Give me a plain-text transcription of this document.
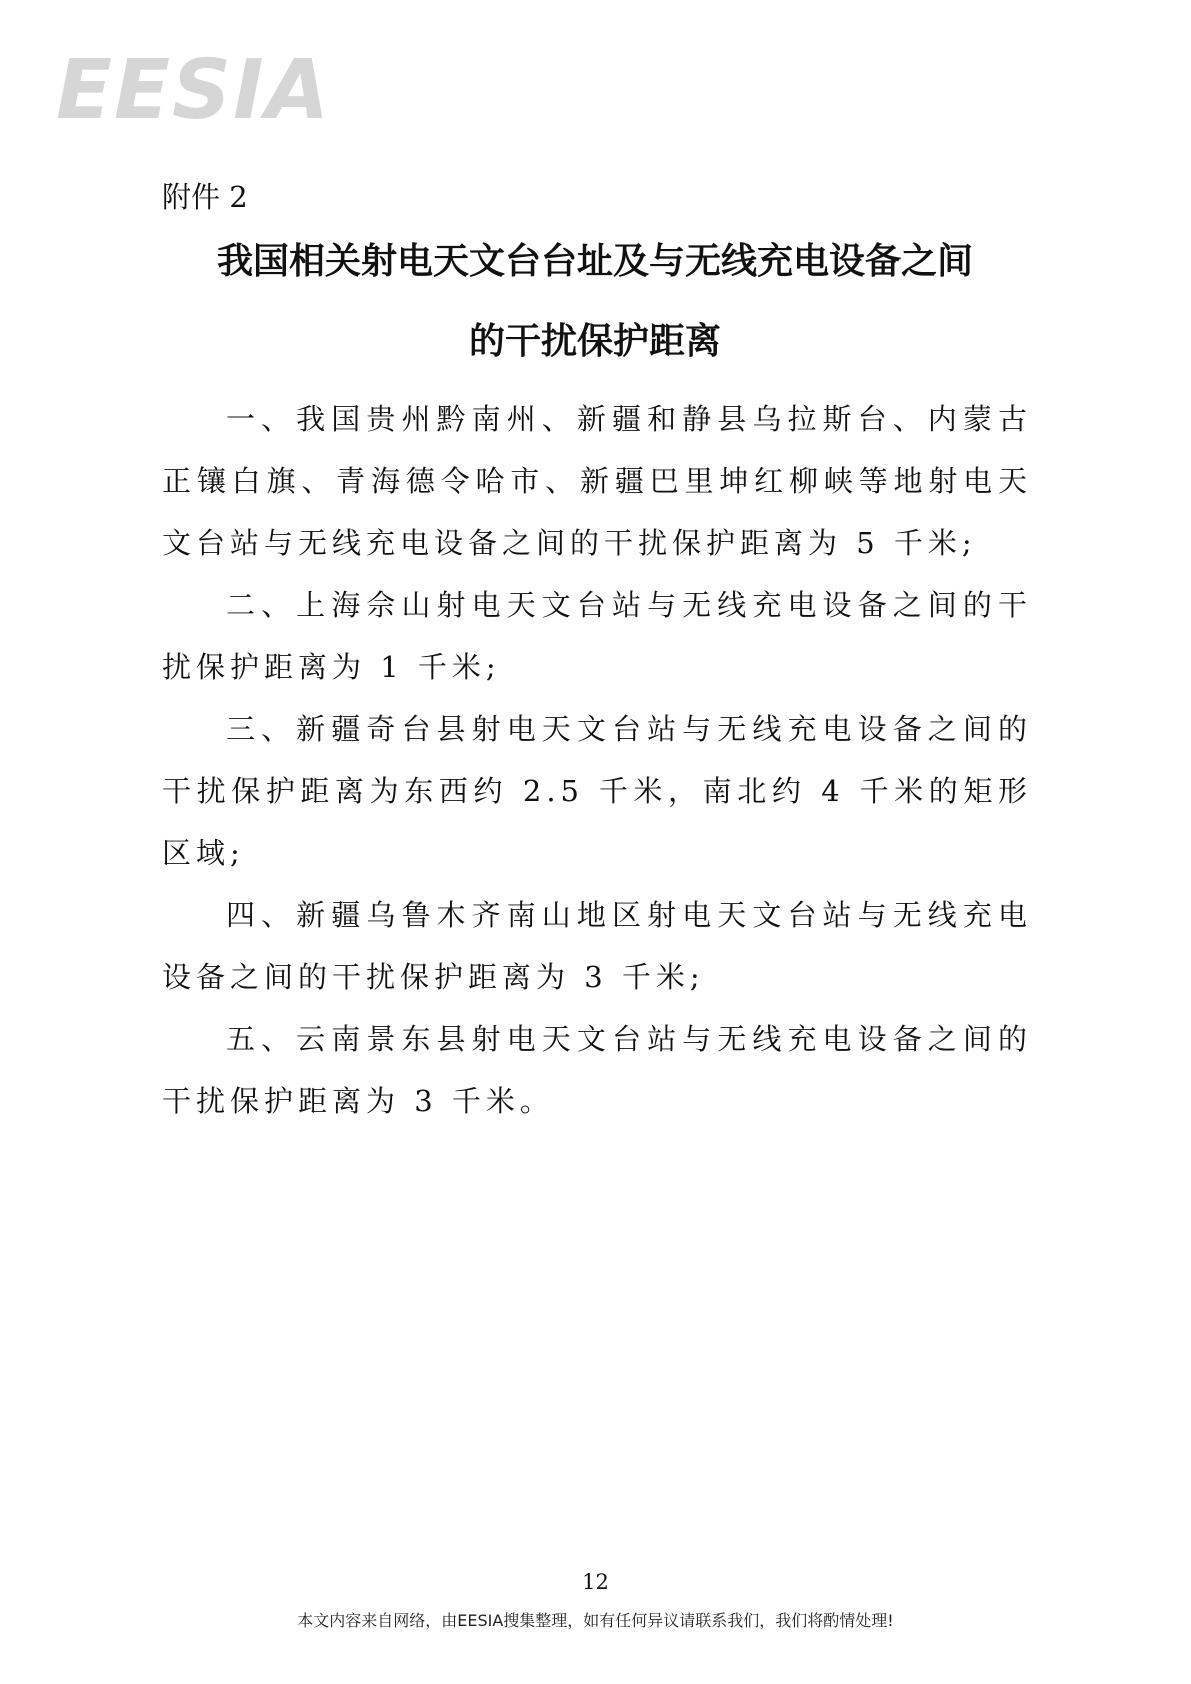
EESIA
附件 2
我国相关射电天文台台址及与无线充电设备之间
的干扰保护距离

一、我国贵州黔南州、新疆和静县乌拉斯台、内蒙古正镶白旗、青海德令哈市、新疆巴里坤红柳峡等地射电天文台站与无线充电设备之间的干扰保护距离为 5 千米;

二、上海佘山射电天文台站与无线充电设备之间的干扰保护距离为 1 千米;

三、新疆奇台县射电天文台站与无线充电设备之间的干扰保护距离为东西约 2.5 千米，南北约 4 千米的矩形区域;

四、新疆乌鲁木齐南山地区射电天文台站与无线充电设备之间的干扰保护距离为 3 千米;

五、云南景东县射电天文台站与无线充电设备之间的干扰保护距离为 3 千米。

12
本文内容来自网络，由EESIA搜集整理，如有任何异议请联系我们，我们将酌情处理!
